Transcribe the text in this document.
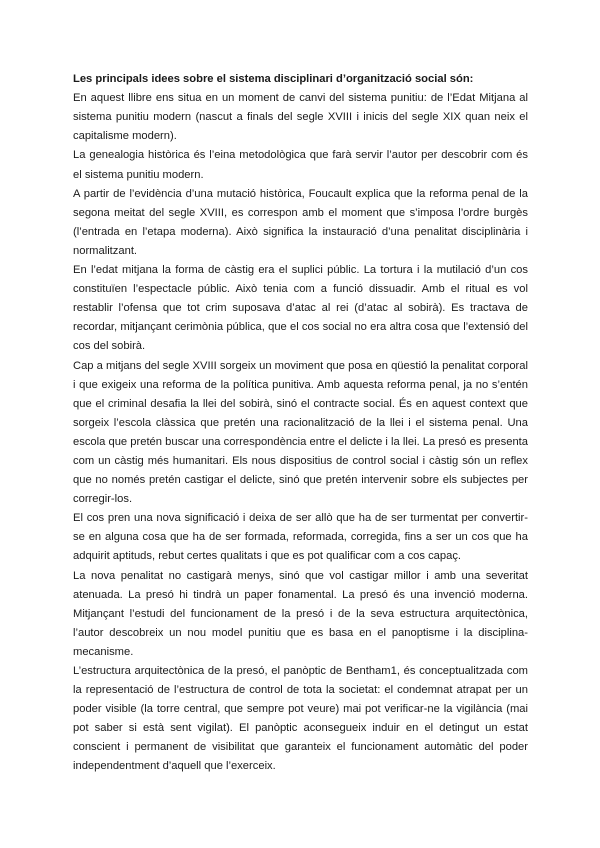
Les principals idees sobre el sistema disciplinari d’organització social són:

En aquest llibre ens situa en un moment de canvi del sistema punitiu: de l’Edat Mitjana al sistema punitiu modern (nascut a finals del segle XVIII i inicis del segle XIX quan neix el capitalisme modern).

La genealogia històrica és l’eina metodològica que farà servir l’autor per descobrir com és el sistema punitiu modern.

A partir de l’evidència d’una mutació històrica, Foucault explica que la reforma penal de la segona meitat del segle XVIII, es correspon amb el moment que s’imposa l’ordre burgès (l’entrada en l’etapa moderna). Això significa la instauració d’una penalitat disciplinària i normalitzant.

En l’edat mitjana la forma de càstig era el suplici públic. La tortura i la mutilació d’un cos constituïen l’espectacle públic. Això tenia com a funció dissuadir. Amb el ritual es vol restablir l’ofensa que tot crim suposava d’atac al rei (d’atac al sobirà). Es tractava de recordar, mitjançant cerimònia pública, que el cos social no era altra cosa que l’extensió del cos del sobirà.

Cap a mitjans del segle XVIII sorgeix un moviment que posa en qüestió la penalitat corporal i que exigeix una reforma de la política punitiva. Amb aquesta reforma penal, ja no s’entén que el criminal desafia la llei del sobirà, sinó el contracte social. És en aquest context que sorgeix l’escola clàssica que pretén una racionalització de la llei i el sistema penal. Una escola que pretén buscar una correspondència entre el delicte i la llei. La presó es presenta com un càstig més humanitari. Els nous dispositius de control social i càstig són un reflex que no només pretén castigar el delicte, sinó que pretén intervenir sobre els subjectes per corregir-los.

El cos pren una nova significació i deixa de ser allò que ha de ser turmentat per convertir-se en alguna cosa que ha de ser formada, reformada, corregida, fins a ser un cos que ha adquirit aptituds, rebut certes qualitats i que es pot qualificar com a cos capaç.

La nova penalitat no castigarà menys, sinó que vol castigar millor i amb una severitat atenuada. La presó hi tindrà un paper fonamental. La presó és una invenció moderna. Mitjançant l’estudi del funcionament de la presó i de la seva estructura arquitectònica, l’autor descobreix un nou model punitiu que es basa en el panoptisme i la disciplina-mecanisme.

L’estructura arquitectònica de la presó, el panòptic de Bentham1, és conceptualitzada com la representació de l’estructura de control de tota la societat: el condemnat atrapat per un poder visible (la torre central, que sempre pot veure) mai pot verificar-ne la vigilància (mai pot saber si està sent vigilat). El panòptic aconsegueix induir en el detingut un estat conscient i permanent de visibilitat que garanteix el funcionament automàtic del poder independentment d’aquell que l’exerceix.
